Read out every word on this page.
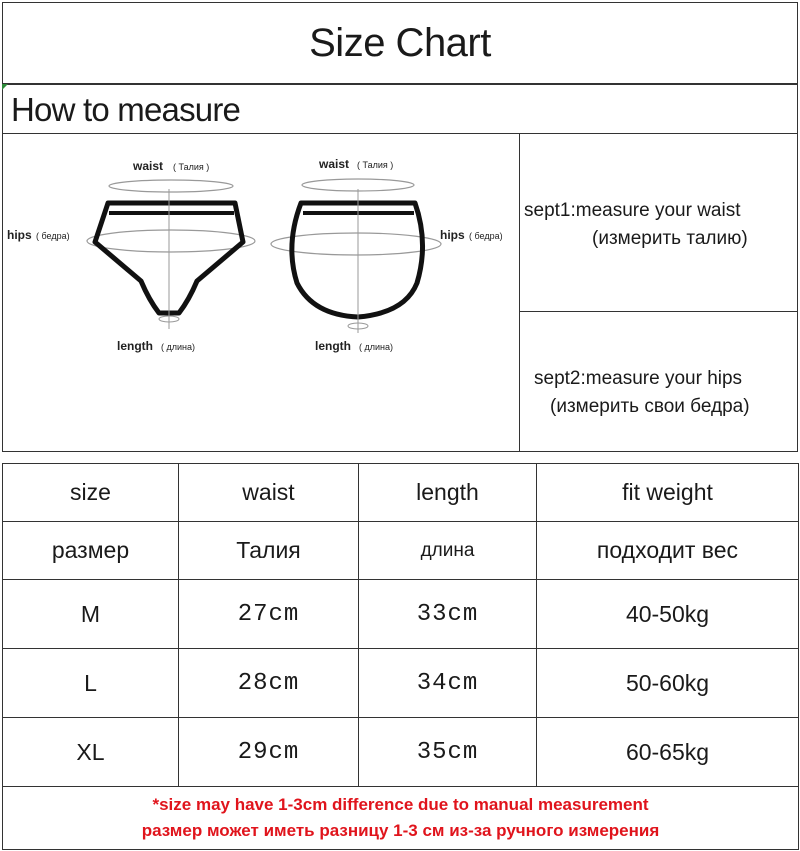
Size Chart
How to measure
waist ( Талия )
hips ( бедра)
length ( длина)
waist ( Талия )
hips ( бедра)
length ( длина)
sept1:measure your waist
(измерить талию)
sept2:measure your hips
(измерить свои бедра)
size	waist	length	fit weight
размер	Талия	длина	подходит вес
M	27cm	33cm	40-50kg
L	28cm	34cm	50-60kg
XL	29cm	35cm	60-65kg

*size may have 1-3cm difference due to manual measurement
размер может иметь разницу 1-3 см из-за ручного измерения			
